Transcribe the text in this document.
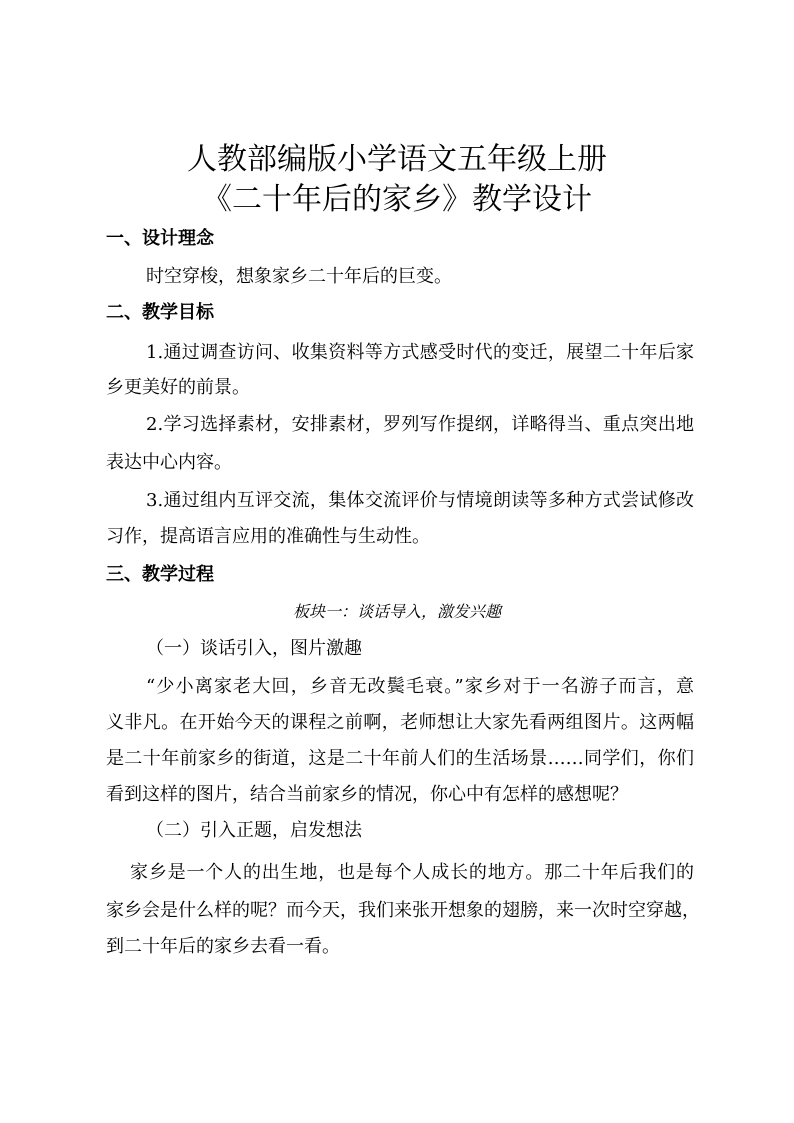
人教部编版小学语文五年级上册
《二十年后的家乡》教学设计
一、设计理念
时空穿梭，想象家乡二十年后的巨变。
二、教学目标
1.通过调查访问、收集资料等方式感受时代的变迁，展望二十年后家
乡更美好的前景。
2.学习选择素材，安排素材，罗列写作提纲，详略得当、重点突出地
表达中心内容。
3.通过组内互评交流，集体交流评价与情境朗读等多种方式尝试修改
习作，提高语言应用的准确性与生动性。
三、教学过程
板块一：谈话导入，激发兴趣
（一）谈话引入，图片激趣
“少小离家老大回，乡音无改鬓毛衰。”家乡对于一名游子而言，意
义非凡。在开始今天的课程之前啊，老师想让大家先看两组图片。这两幅
是二十年前家乡的街道，这是二十年前人们的生活场景……同学们，你们
看到这样的图片，结合当前家乡的情况，你心中有怎样的感想呢？
（二）引入正题，启发想法
家乡是一个人的出生地，也是每个人成长的地方。那二十年后我们的
家乡会是什么样的呢？而今天，我们来张开想象的翅膀，来一次时空穿越，
到二十年后的家乡去看一看。
